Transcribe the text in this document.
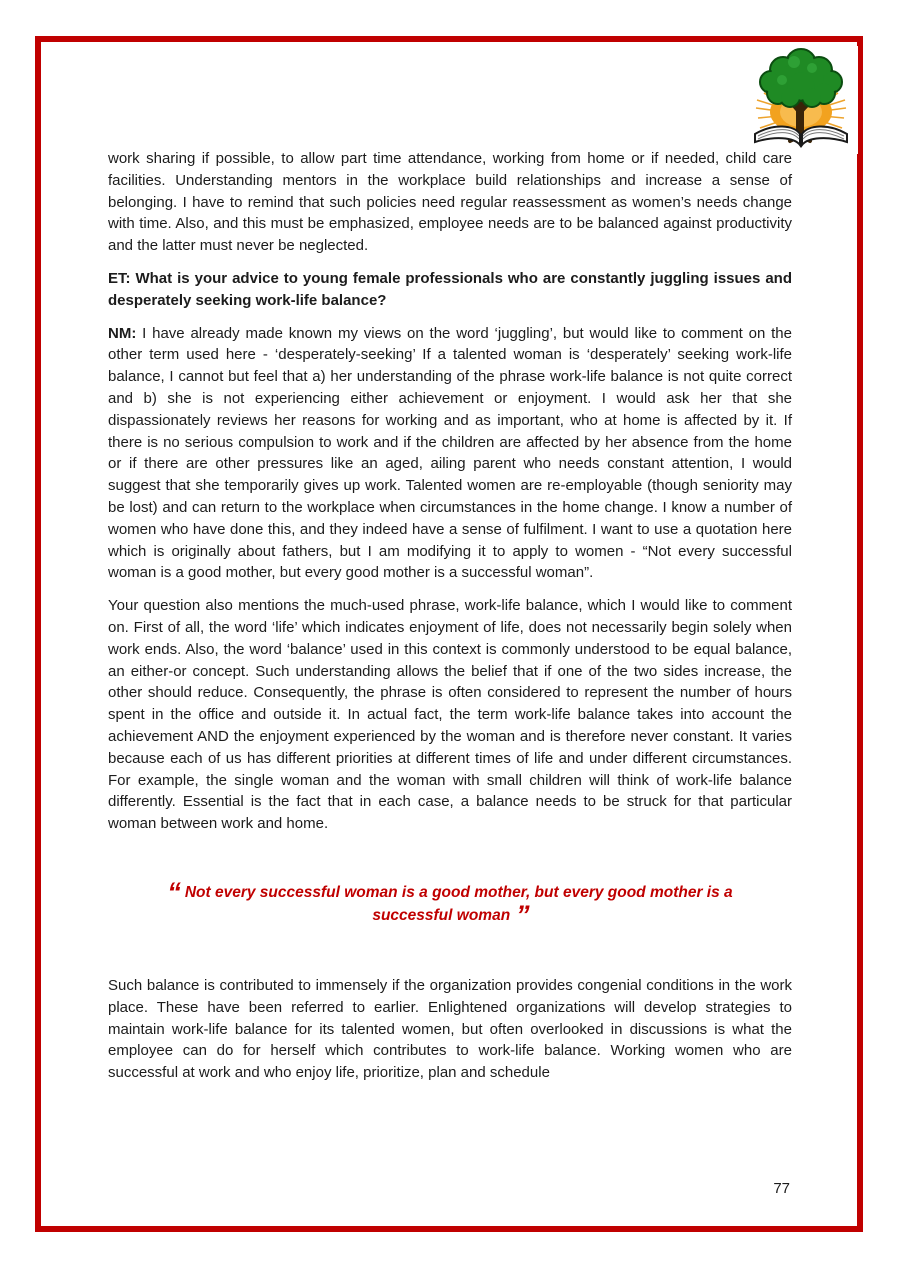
work sharing if possible, to allow part time attendance, working from home or if needed, child care facilities. Understanding mentors in the workplace build relationships and increase a sense of belonging. I have to remind that such policies need regular reassessment as women’s needs change with time. Also, and this must be emphasized, employee needs are to be balanced against productivity and the latter must never be neglected.

ET: What is your advice to young female professionals who are constantly juggling issues and desperately seeking work-life balance?

NM: I have already made known my views on the word ‘juggling’, but would like to comment on the other term used here - ‘desperately-seeking’ If a talented woman is ‘desperately’ seeking work-life balance, I cannot but feel that a) her understanding of the phrase work-life balance is not quite correct and b) she is not experiencing either achievement or enjoyment. I would ask her that she dispassionately reviews her reasons for working and as important, who at home is affected by it. If there is no serious compulsion to work and if the children are affected by her absence from the home or if there are other pressures like an aged, ailing parent who needs constant attention, I would suggest that she temporarily gives up work. Talented women are re-employable (though seniority may be lost) and can return to the workplace when circumstances in the home change. I know a number of women who have done this, and they indeed have a sense of fulfilment. I want to use a quotation here which is originally about fathers, but I am modifying it to apply to women - “Not every successful woman is a good mother, but every good mother is a successful woman”.

Your question also mentions the much-used phrase, work-life balance, which I would like to comment on. First of all, the word ‘life’ which indicates enjoyment of life, does not necessarily begin solely when work ends. Also, the word ‘balance’ used in this context is commonly understood to be equal balance, an either-or concept. Such understanding allows the belief that if one of the two sides increase, the other should reduce. Consequently, the phrase is often considered to represent the number of hours spent in the office and outside it. In actual fact, the term work-life balance takes into account the achievement AND the enjoyment experienced by the woman and is therefore never constant. It varies because each of us has different priorities at different times of life and under different circumstances. For example, the single woman and the woman with small children will think of work-life balance differently. Essential is the fact that in each case, a balance needs to be struck for that particular woman between work and home.

“ Not every successful woman is a good mother, but every good mother is a successful woman ”

Such balance is contributed to immensely if the organization provides congenial conditions in the work place. These have been referred to earlier. Enlightened organizations will develop strategies to maintain work-life balance for its talented women, but often overlooked in discussions is what the employee can do for herself which contributes to work-life balance. Working women who are successful at work and who enjoy life, prioritize, plan and schedule

77
